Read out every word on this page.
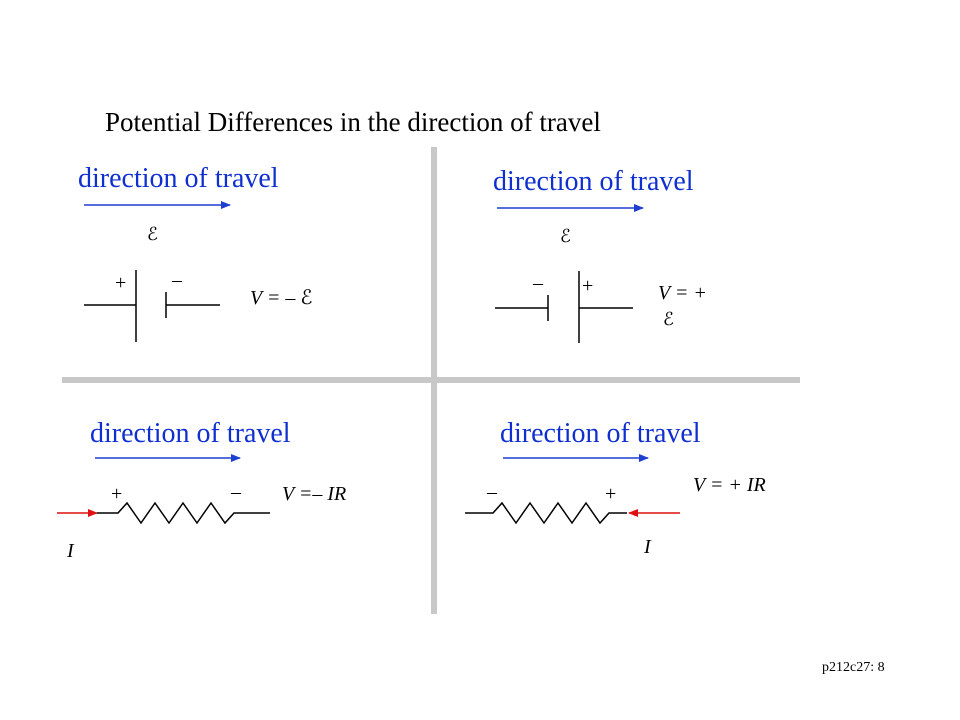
Potential Differences in the direction of travel
direction of travel
ℰ
+ –
V = – ℰ
direction of travel
ℰ
– +	V = +
ℰ
direction of travel
+	– V =– IR
I
direction of travel
–	+	V = + IR
I
p212c27: 8
